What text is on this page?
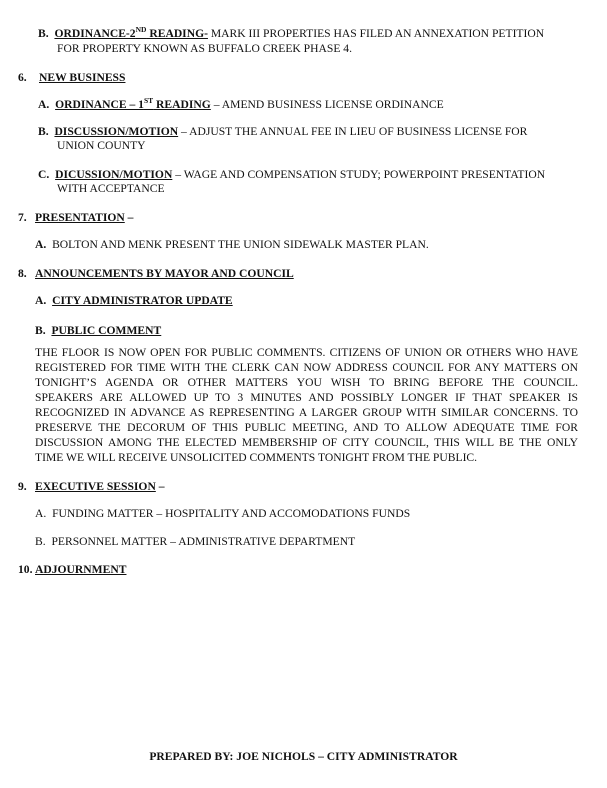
B. ORDINANCE-2ND READING- MARK III PROPERTIES HAS FILED AN ANNEXATION PETITION
FOR PROPERTY KNOWN AS BUFFALO CREEK PHASE 4.
6. NEW BUSINESS
A. ORDINANCE – 1ST READING – AMEND BUSINESS LICENSE ORDINANCE
B. DISCUSSION/MOTION – ADJUST THE ANNUAL FEE IN LIEU OF BUSINESS LICENSE FOR
UNION COUNTY
C. DICUSSION/MOTION – WAGE AND COMPENSATION STUDY; POWERPOINT PRESENTATION
WITH ACCEPTANCE
7. PRESENTATION –
A. BOLTON AND MENK PRESENT THE UNION SIDEWALK MASTER PLAN.
8. ANNOUNCEMENTS BY MAYOR AND COUNCIL
A. CITY ADMINISTRATOR UPDATE
B. PUBLIC COMMENT
THE FLOOR IS NOW OPEN FOR PUBLIC COMMENTS. CITIZENS OF UNION OR OTHERS WHO HAVE
REGISTERED FOR TIME WITH THE CLERK CAN NOW ADDRESS COUNCIL FOR ANY MATTERS ON
TONIGHT’S AGENDA OR OTHER MATTERS YOU WISH TO BRING BEFORE THE COUNCIL.
SPEAKERS ARE ALLOWED UP TO 3 MINUTES AND POSSIBLY LONGER IF THAT SPEAKER IS
RECOGNIZED IN ADVANCE AS REPRESENTING A LARGER GROUP WITH SIMILAR CONCERNS. TO
PRESERVE THE DECORUM OF THIS PUBLIC MEETING, AND TO ALLOW ADEQUATE TIME FOR
DISCUSSION AMONG THE ELECTED MEMBERSHIP OF CITY COUNCIL, THIS WILL BE THE ONLY
TIME WE WILL RECEIVE UNSOLICITED COMMENTS TONIGHT FROM THE PUBLIC.
9. EXECUTIVE SESSION –
A. FUNDING MATTER – HOSPITALITY AND ACCOMODATIONS FUNDS
B. PERSONNEL MATTER – ADMINISTRATIVE DEPARTMENT
10. ADJOURNMENT
PREPARED BY: JOE NICHOLS – CITY ADMINISTRATOR
